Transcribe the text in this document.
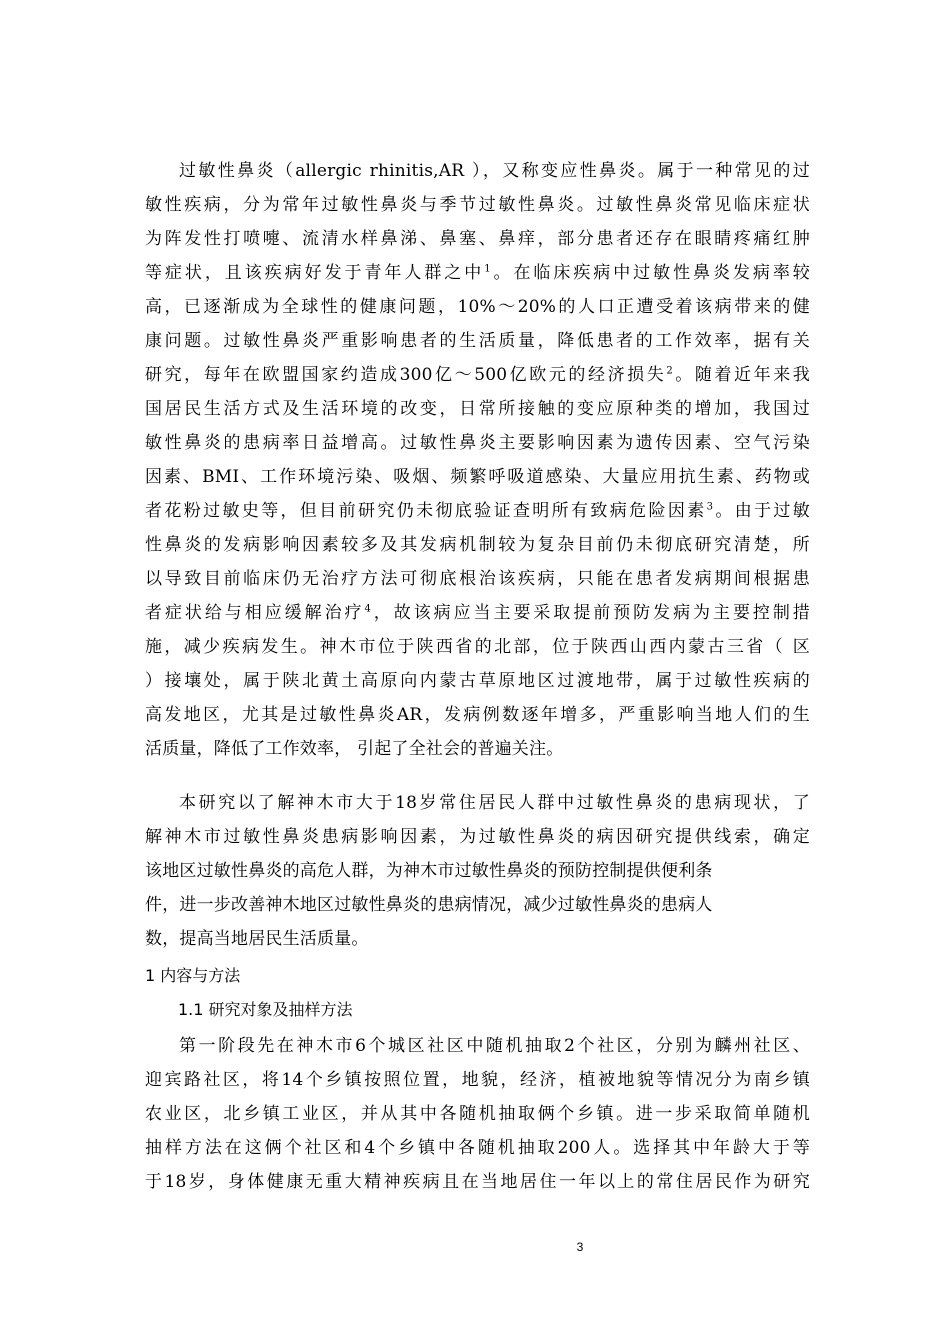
过敏性鼻炎（allergic rhinitis,AR ），又称变应性鼻炎。属于一种常见的过
敏性疾病，分为常年过敏性鼻炎与季节过敏性鼻炎。过敏性鼻炎常见临床症状
为阵发性打喷嚏、流清水样鼻涕、鼻塞、鼻痒，部分患者还存在眼睛疼痛红肿
等症状，且该疾病好发于青年人群之中$^1$。在临床疾病中过敏性鼻炎发病率较
高，已逐渐成为全球性的健康问题，10%～20%的人口正遭受着该病带来的健
康问题。过敏性鼻炎严重影响患者的生活质量，降低患者的工作效率，据有关
研究，每年在欧盟国家约造成300亿～500亿欧元的经济损失$^2$。随着近年来我
国居民生活方式及生活环境的改变，日常所接触的变应原种类的增加，我国过
敏性鼻炎的患病率日益增高。过敏性鼻炎主要影响因素为遗传因素、空气污染
因素、BMI、工作环境污染、吸烟、频繁呼吸道感染、大量应用抗生素、药物或
者花粉过敏史等，但目前研究仍未彻底验证查明所有致病危险因素$^3$。由于过敏
性鼻炎的发病影响因素较多及其发病机制较为复杂目前仍未彻底研究清楚，所
以导致目前临床仍无治疗方法可彻底根治该疾病，只能在患者发病期间根据患
者症状给与相应缓解治疗$^4$，故该病应当主要采取提前预防发病为主要控制措
施，减少疾病发生。神木市位于陕西省的北部，位于陕西山西内蒙古三省（ 区
）接壤处，属于陕北黄土高原向内蒙古草原地区过渡地带，属于过敏性疾病的
高发地区，尤其是过敏性鼻炎AR，发病例数逐年增多，严重影响当地人们的生
活质量，降低了工作效率， 引起了全社会的普遍关注。
本研究以了解神木市大于18岁常住居民人群中过敏性鼻炎的患病现状，了
解神木市过敏性鼻炎患病影响因素，为过敏性鼻炎的病因研究提供线索，确定
该地区过敏性鼻炎的高危人群，为神木市过敏性鼻炎的预防控制提供便利条
件，进一步改善神木地区过敏性鼻炎的患病情况，减少过敏性鼻炎的患病人
数，提高当地居民生活质量。
1 内容与方法
1.1 研究对象及抽样方法
第一阶段先在神木市6个城区社区中随机抽取2个社区，分别为麟州社区、
迎宾路社区，将14个乡镇按照位置，地貌，经济，植被地貌等情况分为南乡镇
农业区，北乡镇工业区，并从其中各随机抽取俩个乡镇。进一步采取简单随机
抽样方法在这俩个社区和4个乡镇中各随机抽取200人。选择其中年龄大于等
于18岁，身体健康无重大精神疾病且在当地居住一年以上的常住居民作为研究
3
